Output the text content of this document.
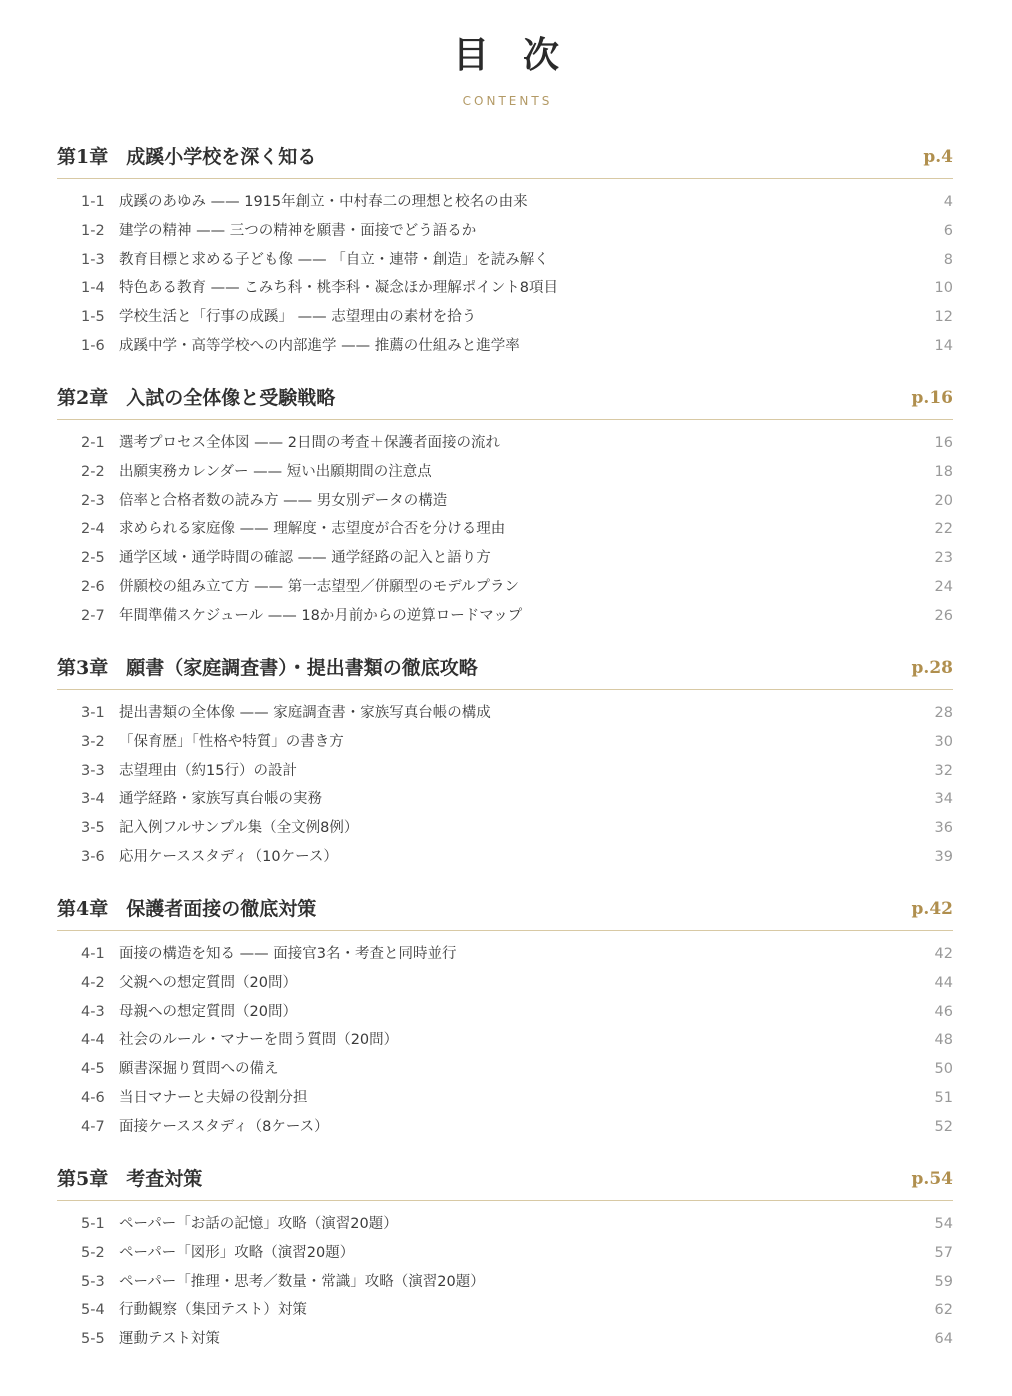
目次
CONTENTS
第1章 成蹊小学校を深く知る	p.4
1-1 成蹊のあゆみ —— 1915年創立・中村春二の理想と校名の由来	4
1-2 建学の精神 —— 三つの精神を願書・面接でどう語るか	6
1-3 教育目標と求める子ども像 —— 「自立・連帯・創造」を読み解く	8
1-4 特色ある教育 —— こみち科・桃李科・凝念ほか理解ポイント8項目	10
1-5 学校生活と「行事の成蹊」 —— 志望理由の素材を拾う	12
1-6 成蹊中学・高等学校への内部進学 —— 推薦の仕組みと進学率	14
第2章 入試の全体像と受験戦略	p.16
2-1 選考プロセス全体図 —— 2日間の考査＋保護者面接の流れ	16
2-2 出願実務カレンダー —— 短い出願期間の注意点	18
2-3 倍率と合格者数の読み方 —— 男女別データの構造	20
2-4 求められる家庭像 —— 理解度・志望度が合否を分ける理由	22
2-5 通学区域・通学時間の確認 —— 通学経路の記入と語り方	23
2-6 併願校の組み立て方 —— 第一志望型／併願型のモデルプラン	24
2-7 年間準備スケジュール —— 18か月前からの逆算ロードマップ	26
第3章 願書（家庭調査書）・提出書類の徹底攻略	p.28
3-1 提出書類の全体像 —— 家庭調査書・家族写真台帳の構成	28
3-2 「保育歴」「性格や特質」の書き方	30
3-3 志望理由（約15行）の設計	32
3-4 通学経路・家族写真台帳の実務	34
3-5 記入例フルサンプル集（全文例8例）	36
3-6 応用ケーススタディ（10ケース）	39
第4章 保護者面接の徹底対策	p.42
4-1 面接の構造を知る —— 面接官3名・考査と同時並行	42
4-2 父親への想定質問（20問）	44
4-3 母親への想定質問（20問）	46
4-4 社会のルール・マナーを問う質問（20問）	48
4-5 願書深掘り質問への備え	50
4-6 当日マナーと夫婦の役割分担	51
4-7 面接ケーススタディ（8ケース）	52
第5章 考査対策	p.54
5-1 ペーパー「お話の記憶」攻略（演習20題）	54
5-2 ペーパー「図形」攻略（演習20題）	57
5-3 ペーパー「推理・思考／数量・常識」攻略（演習20題）	59
5-4 行動観察（集団テスト）対策	62
5-5 運動テスト対策	64
